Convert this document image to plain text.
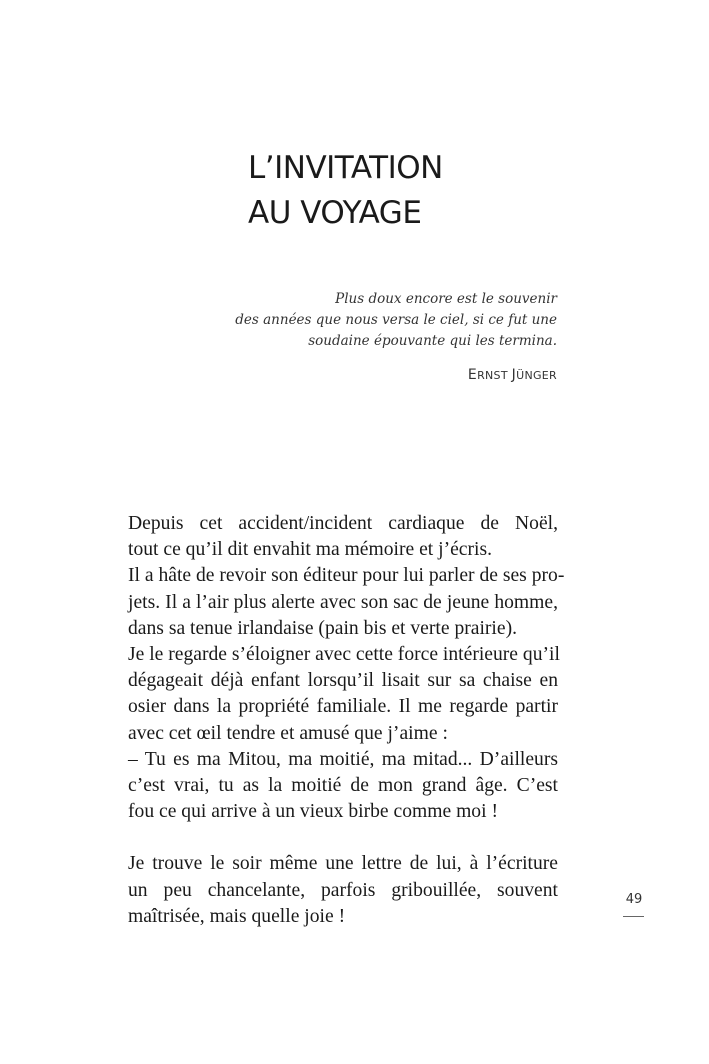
L’INVITATION
AU VOYAGE
Plus doux encore est le souvenir
des années que nous versa le ciel, si ce fut une
soudaine épouvante qui les termina.
ERNST JÜNGER
Depuis cet accident/incident cardiaque de Noël,
tout ce qu’il dit envahit ma mémoire et j’écris.
Il a hâte de revoir son éditeur pour lui parler de ses pro-
jets. Il a l’air plus alerte avec son sac de jeune homme,
dans sa tenue irlandaise (pain bis et verte prairie).
Je le regarde s’éloigner avec cette force intérieure qu’il
dégageait déjà enfant lorsqu’il lisait sur sa chaise en
osier dans la propriété familiale. Il me regarde partir
avec cet œil tendre et amusé que j’aime :
– Tu es ma Mitou, ma moitié, ma mitad... D’ailleurs
c’est vrai, tu as la moitié de mon grand âge. C’est
fou ce qui arrive à un vieux birbe comme moi !
Je trouve le soir même une lettre de lui, à l’écriture
un peu chancelante, parfois gribouillée, souvent
maîtrisée, mais quelle joie !
49
